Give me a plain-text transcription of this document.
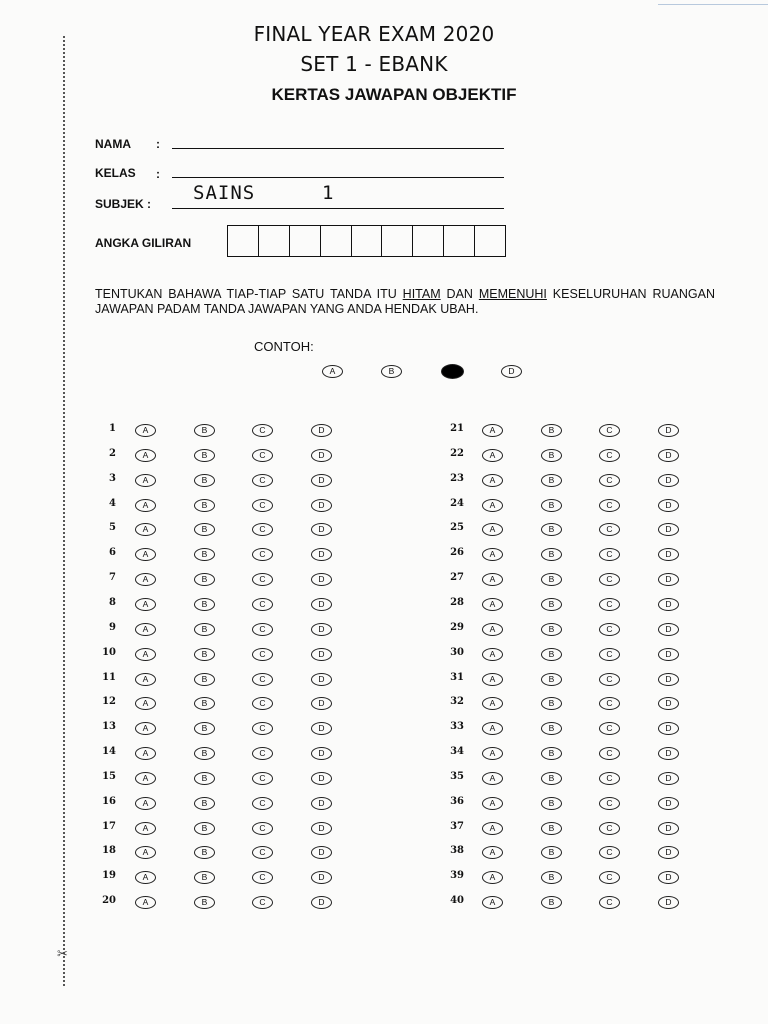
✂
FINAL YEAR EXAM 2020
SET 1 - EBANK
KERTAS JAWAPAN OBJEKTIF
NAMA :
KELAS :
SUBJEK : SAINS	1
ANGKA GILIRAN
TENTUKAN BAHAWA TIAP-TIAP SATU TANDA ITU HITAM DAN MEMENUHI KESELURUHAN RUANGAN JAWAPAN PADAM TANDA JAWAPAN YANG ANDA HENDAK UBAH.
CONTOH:
A	B	C	D
1	A	B	C	D
2	A	B	C	D
3	A	B	C	D
4	A	B	C	D
5	A	B	C	D
6	A	B	C	D
7	A	B	C	D
8	A	B	C	D
9	A	B	C	D
10	A	B	C	D
11	A	B	C	D
12	A	B	C	D
13	A	B	C	D
14	A	B	C	D
15	A	B	C	D
16	A	B	C	D
17	A	B	C	D
18	A	B	C	D
19	A	B	C	D
20	A	B	C	D
21	A	B	C	D
22	A	B	C	D
23	A	B	C	D
24	A	B	C	D
25	A	B	C	D
26	A	B	C	D
27	A	B	C	D
28	A	B	C	D
29	A	B	C	D
30	A	B	C	D
31	A	B	C	D
32	A	B	C	D
33	A	B	C	D
34	A	B	C	D
35	A	B	C	D
36	A	B	C	D
37	A	B	C	D
38	A	B	C	D
39	A	B	C	D
40	A	B	C	D
